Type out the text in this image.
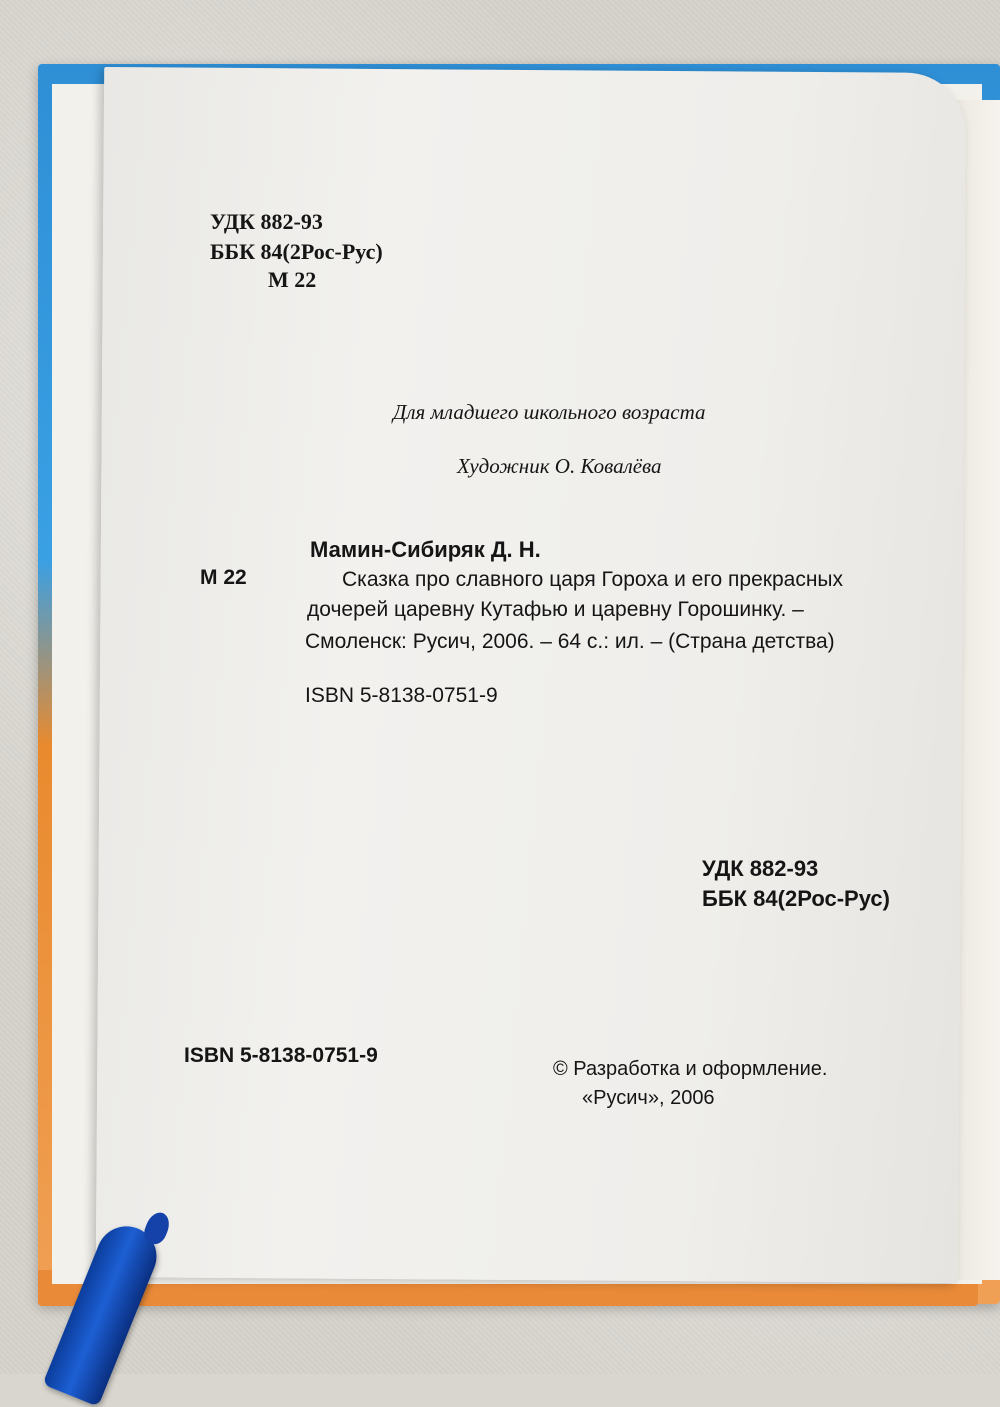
УДК 882-93
ББК 84(2Рос-Рус)
М 22
Для младшего школьного возраста
Художник О. Ковалёва
Мамин-Сибиряк Д. Н.
М 22	Сказка про славного царя Гороха и его прекрасных
дочерей царевну Кутафью и царевну Горошинку. –
Смоленск: Русич, 2006. – 64 с.: ил. – (Страна детства)
ISBN 5-8138-0751-9
УДК 882-93
ББК 84(2Рос-Рус)
ISBN 5-8138-0751-9
© Разработка и оформление.
«Русич», 2006
